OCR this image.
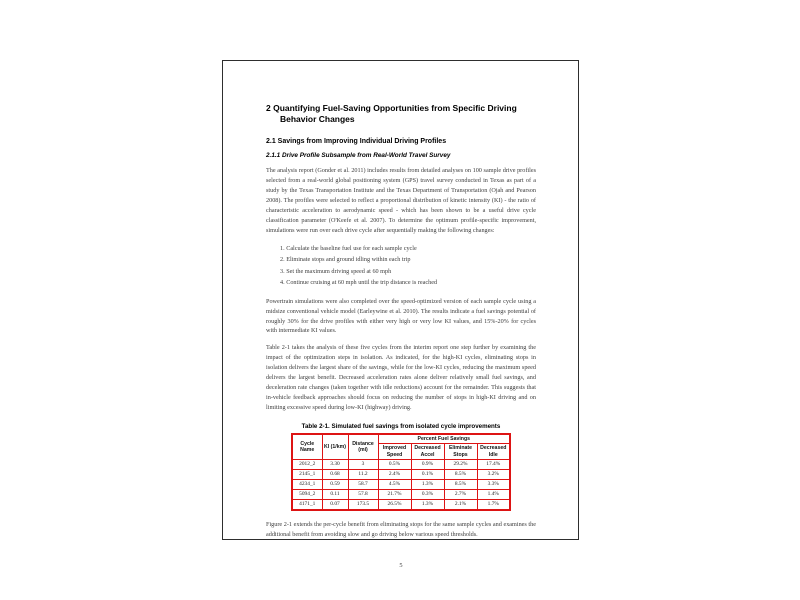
2 Quantifying Fuel-Saving Opportunities from Specific Driving Behavior Changes
2.1 Savings from Improving Individual Driving Profiles
2.1.1 Drive Profile Subsample from Real-World Travel Survey
The analysis report (Gonder et al. 2011) includes results from detailed analyses on 100 sample drive profiles selected from a real-world global positioning system (GPS) travel survey conducted in Texas as part of a study by the Texas Transportation Institute and the Texas Department of Transportation (Ojah and Pearson 2008). The profiles were selected to reflect a proportional distribution of kinetic intensity (KI) - the ratio of characteristic acceleration to aerodynamic speed - which has been shown to be a useful drive cycle classification parameter (O'Keefe et al. 2007). To determine the optimum profile-specific improvement, simulations were run over each drive cycle after sequentially making the following changes:
1. Calculate the baseline fuel use for each sample cycle
2. Eliminate stops and ground idling within each trip
3. Set the maximum driving speed at 60 mph
4. Continue cruising at 60 mph until the trip distance is reached
Powertrain simulations were also completed over the speed-optimized version of each sample cycle using a midsize conventional vehicle model (Earleywine et al. 2010). The results indicate a fuel savings potential of roughly 30% for the drive profiles with either very high or very low KI values, and 15%-20% for cycles with intermediate KI values.
Table 2-1 takes the analysis of these five cycles from the interim report one step further by examining the impact of the optimization steps in isolation. As indicated, for the high-KI cycles, eliminating stops in isolation delivers the largest share of the savings, while for the low-KI cycles, reducing the maximum speed delivers the largest benefit. Decreased acceleration rates alone deliver relatively small fuel savings, and deceleration rate changes (taken together with idle reductions) account for the remainder. This suggests that in-vehicle feedback approaches should focus on reducing the number of stops in high-KI driving and on limiting excessive speed during low-KI (highway) driving.
Table 2-1. Simulated fuel savings from isolated cycle improvements
Cycle Name	KI (1/km)	Distance (mi)	Percent Fuel Savings			
			Improved Speed	Decreased Accel	Eliminate Stops	Decreased Idle
2012_2	3.30	3	0.5%	0.9%	29.2%	17.4%
2145_1	0.68	11.2	2.4%	0.1%	8.5%	3.2%
4234_1	0.59	58.7	4.5%	1.3%	8.5%	3.3%
5094_2	0.11	57.8	21.7%	0.3%	2.7%	1.4%
4171_1	0.07	173.5	26.5%	1.3%	2.1%	1.7%
Figure 2-1 extends the per-cycle benefit from eliminating stops for the same sample cycles and examines the additional benefit from avoiding slow and go driving below various speed thresholds.
5
